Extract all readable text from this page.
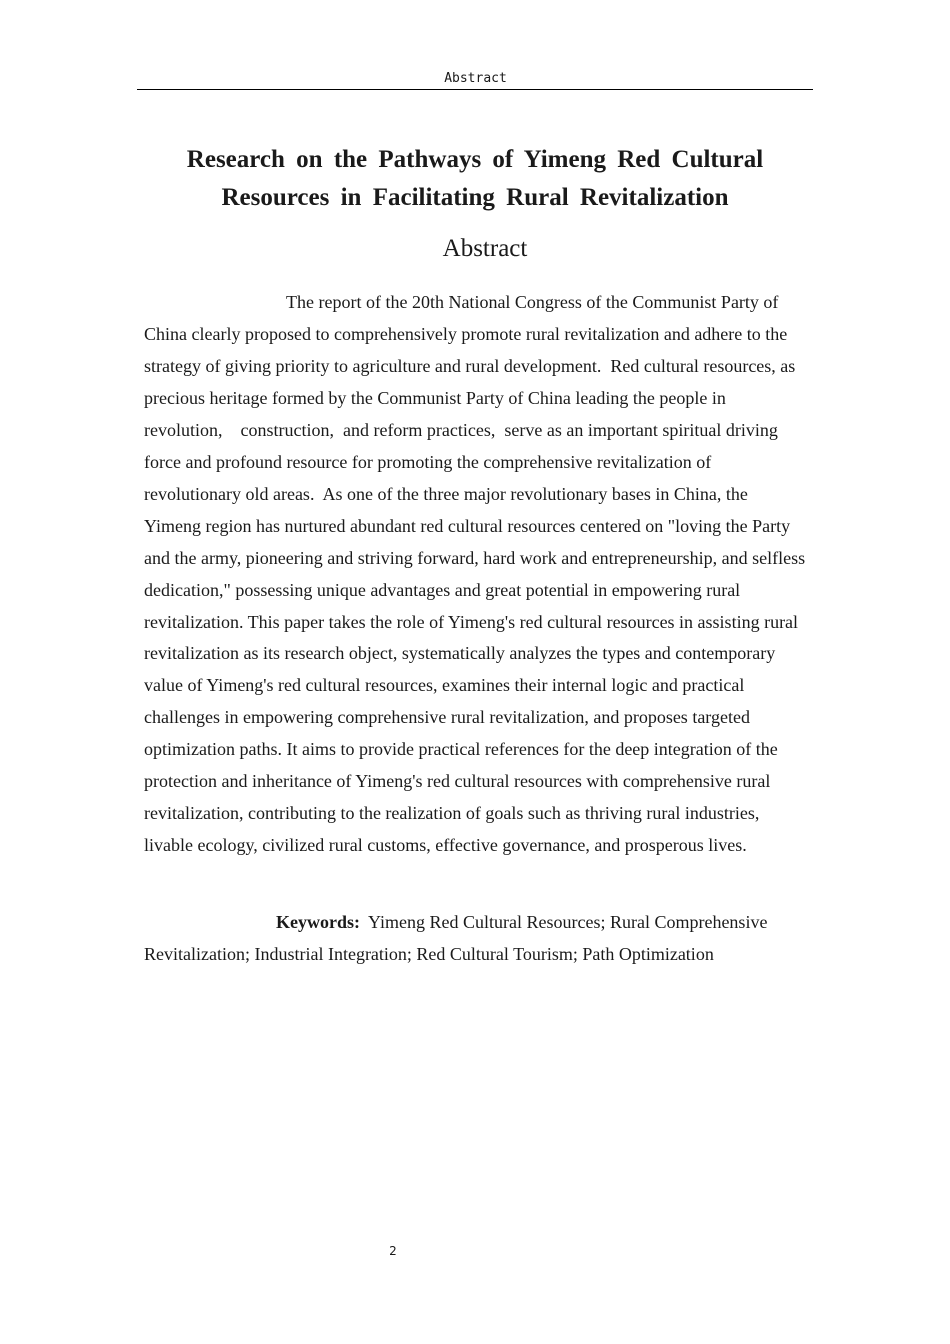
Abstract
Research on the Pathways of Yimeng Red Cultural Resources in Facilitating Rural Revitalization
Abstract

The report of the 20th National Congress of the Communist Party of China clearly proposed to comprehensively promote rural revitalization and adhere to the strategy of giving priority to agriculture and rural development.  Red cultural resources, as precious heritage formed by the Communist Party of China leading the people in revolution,    construction,  and reform practices,  serve as an important spiritual driving force and profound resource for promoting the comprehensive revitalization of revolutionary old areas.  As one of the three major revolutionary bases in China, the Yimeng region has nurtured abundant red cultural resources centered on "loving the Party and the army, pioneering and striving forward, hard work and entrepreneurship, and selfless dedication," possessing unique advantages and great potential in empowering rural revitalization. This paper takes the role of Yimeng's red cultural resources in assisting rural revitalization as its research object, systematically analyzes the types and contemporary value of Yimeng's red cultural resources, examines their internal logic and practical challenges in empowering comprehensive rural revitalization, and proposes targeted optimization paths. It aims to provide practical references for the deep integration of the protection and inheritance of Yimeng's red cultural resources with comprehensive rural revitalization, contributing to the realization of goals such as thriving rural industries, livable ecology, civilized rural customs, effective governance, and prosperous lives.

Keywords: Yimeng Red Cultural Resources; Rural Comprehensive Revitalization; Industrial Integration; Red Cultural Tourism; Path Optimization

2
